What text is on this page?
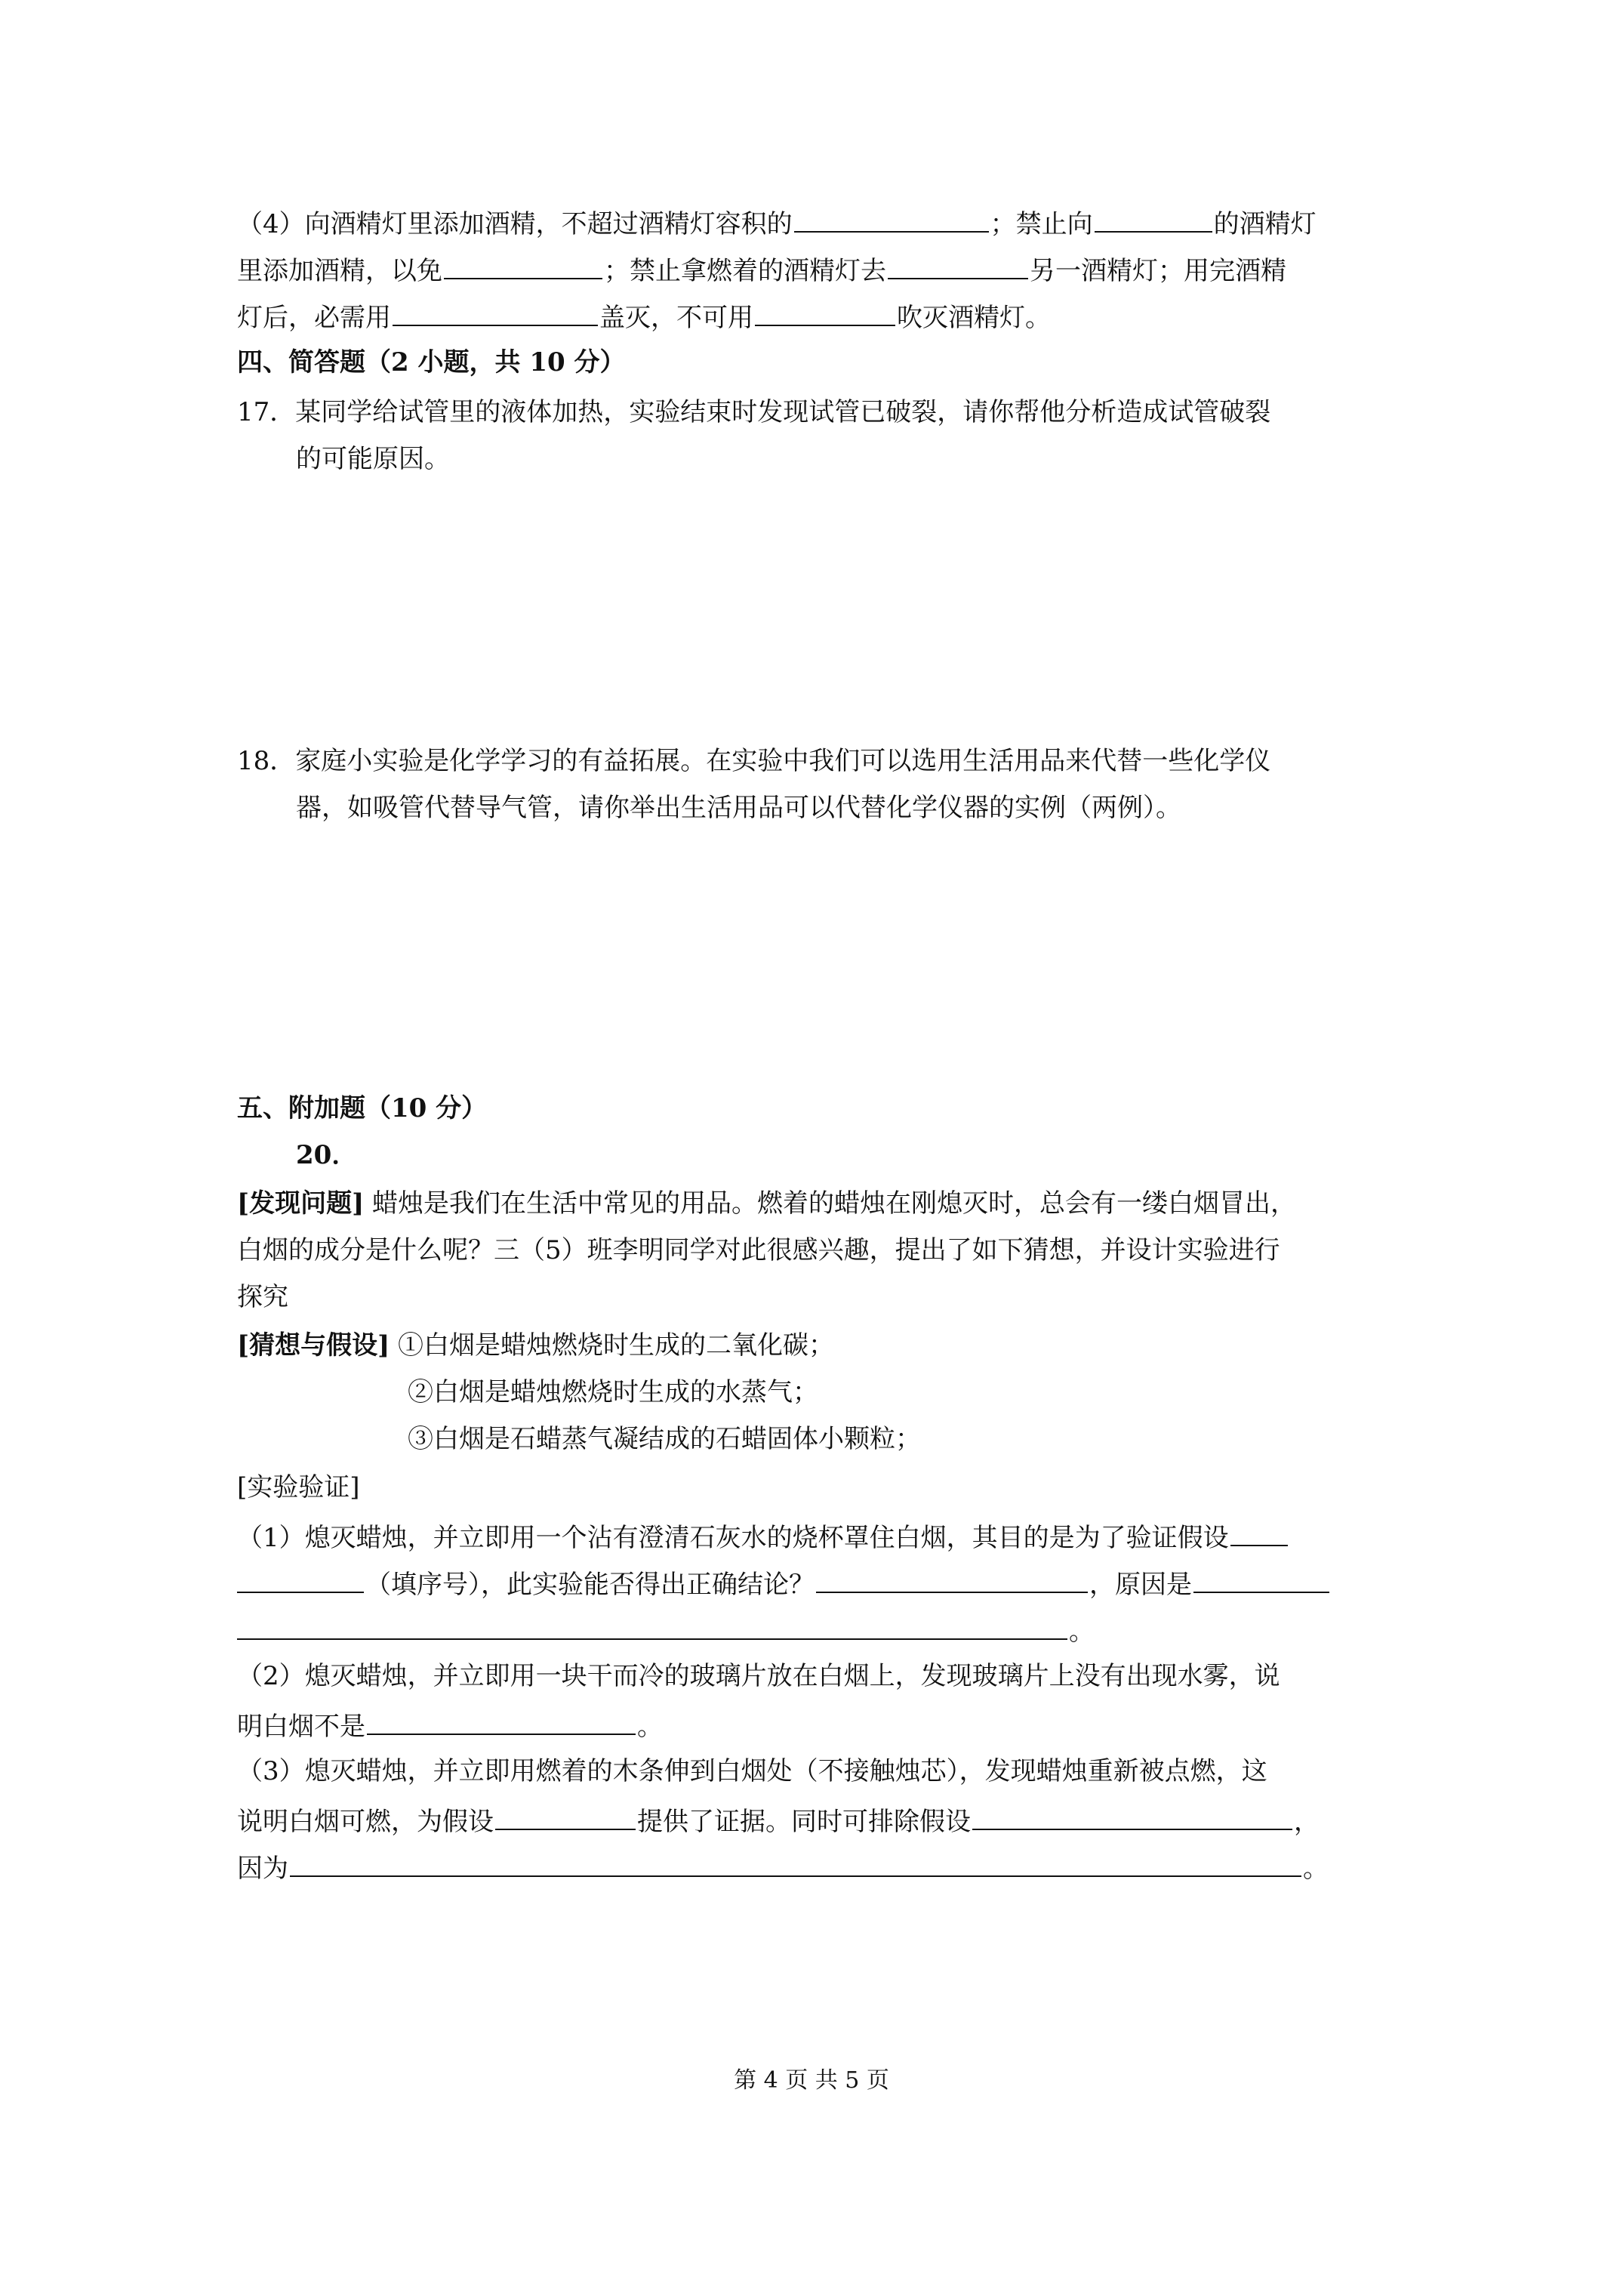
（4）向酒精灯里添加酒精，不超过酒精灯容积的	；禁止向	的酒精灯
里添加酒精，以免	；禁止拿燃着的酒精灯去	另一酒精灯；用完酒精
灯后，必需用	盖灭，不可用	吹灭酒精灯。
四、简答题（2 小题，共 10 分）
17．某同学给试管里的液体加热，实验结束时发现试管已破裂，请你帮他分析造成试管破裂
的可能原因。
18．家庭小实验是化学学习的有益拓展。在实验中我们可以选用生活用品来代替一些化学仪
器，如吸管代替导气管，请你举出生活用品可以代替化学仪器的实例（两例）。
五、附加题（10 分）
20．
[发现问题] 蜡烛是我们在生活中常见的用品。燃着的蜡烛在刚熄灭时，总会有一缕白烟冒出，
白烟的成分是什么呢？三（5）班李明同学对此很感兴趣，提出了如下猜想，并设计实验进行
探究
[猜想与假设] ①白烟是蜡烛燃烧时生成的二氧化碳；
②白烟是蜡烛燃烧时生成的水蒸气；
③白烟是石蜡蒸气凝结成的石蜡固体小颗粒；
[实验验证]
（1）熄灭蜡烛，并立即用一个沾有澄清石灰水的烧杯罩住白烟，其目的是为了验证假设
（填序号），此实验能否得出正确结论？	，原因是
。
（2）熄灭蜡烛，并立即用一块干而冷的玻璃片放在白烟上，发现玻璃片上没有出现水雾，说
明白烟不是	。
（3）熄灭蜡烛，并立即用燃着的木条伸到白烟处（不接触烛芯），发现蜡烛重新被点燃，这
说明白烟可燃，为假设	提供了证据。同时可排除假设	，
因为	。
第 4 页 共 5 页
